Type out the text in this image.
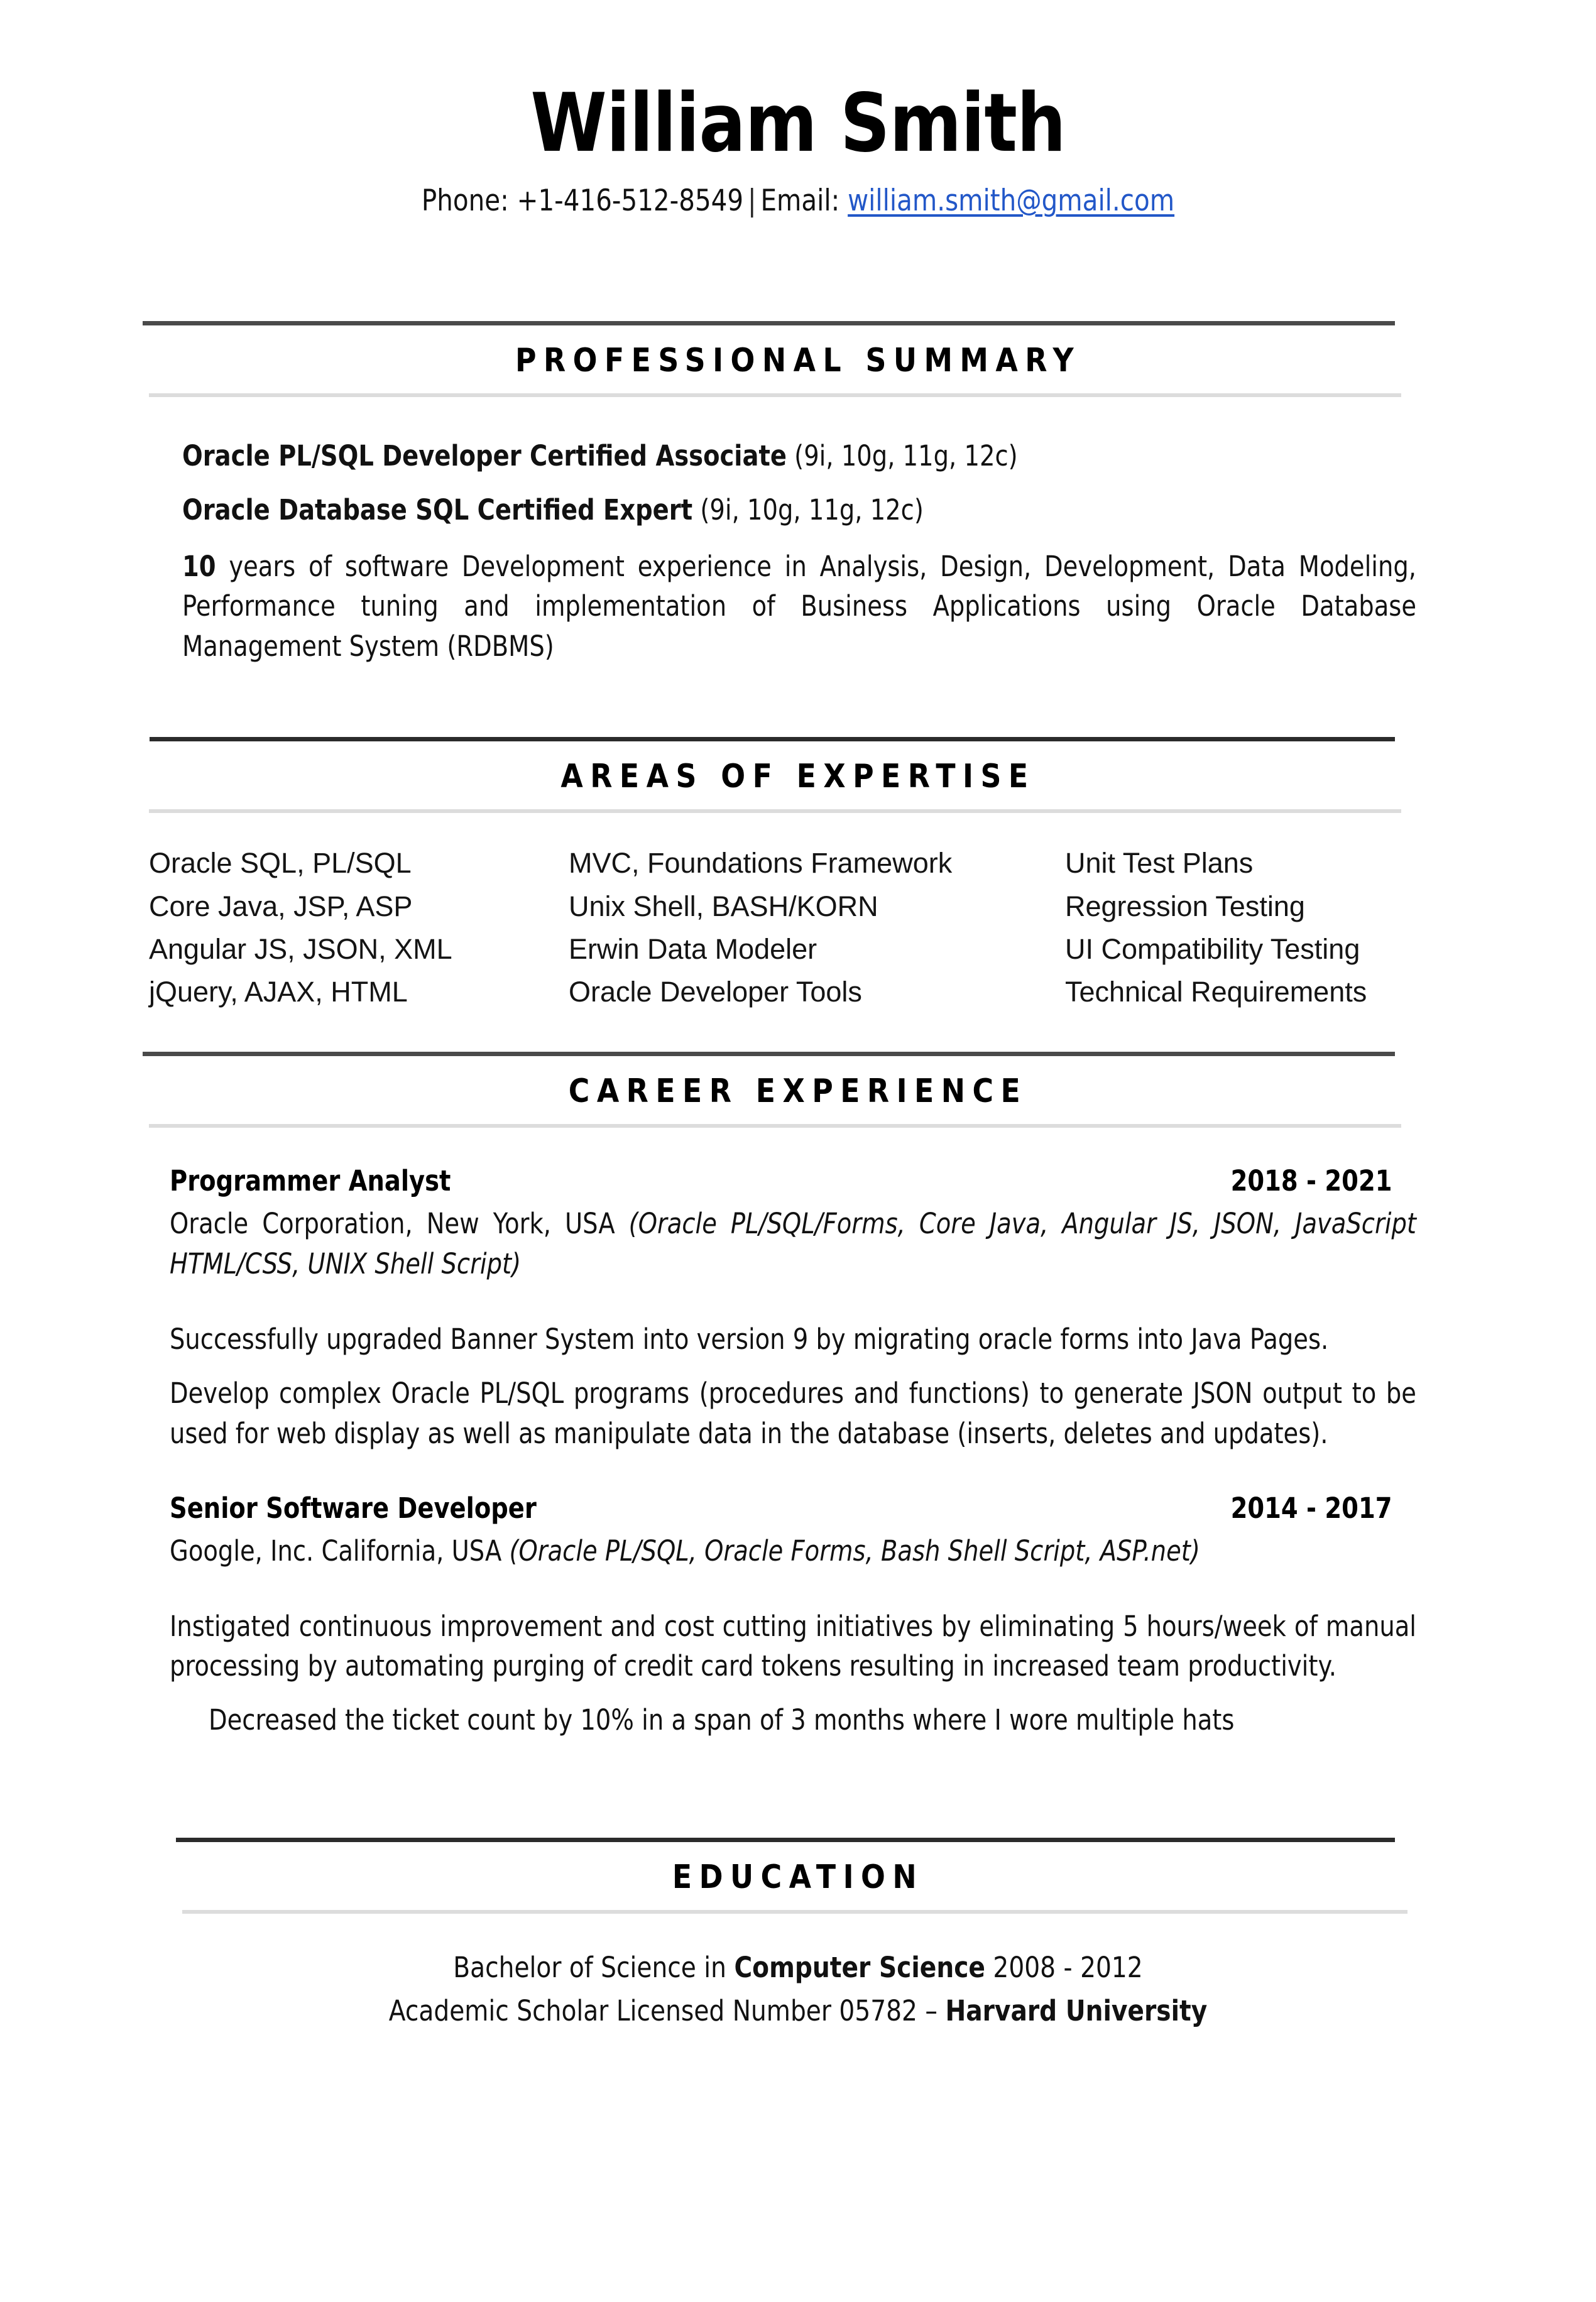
William Smith
Phone: +1-416-512-8549 | Email: william.smith@gmail.com
PROFESSIONAL SUMMARY
Oracle PL/SQL Developer Certified Associate (9i, 10g, 11g, 12c)
Oracle Database SQL Certified Expert (9i, 10g, 11g, 12c)
10 years of software Development experience in Analysis, Design, Development, Data Modeling, Performance tuning and implementation of Business Applications using Oracle Database Management System (RDBMS)
AREAS OF EXPERTISE
Oracle SQL, PL/SQL
Core Java, JSP, ASP
Angular JS, JSON, XML
jQuery, AJAX, HTML
MVC, Foundations Framework
Unix Shell, BASH/KORN
Erwin Data Modeler
Oracle Developer Tools
Unit Test Plans
Regression Testing
UI Compatibility Testing
Technical Requirements
CAREER EXPERIENCE
Programmer Analyst	2018 - 2021
Oracle Corporation, New York, USA (Oracle PL/SQL/Forms, Core Java, Angular JS, JSON, JavaScript HTML/CSS, UNIX Shell Script)
Successfully upgraded Banner System into version 9 by migrating oracle forms into Java Pages.
Develop complex Oracle PL/SQL programs (procedures and functions) to generate JSON output to be used for web display as well as manipulate data in the database (inserts, deletes and updates).
Senior Software Developer	2014 - 2017
Google, Inc. California, USA (Oracle PL/SQL, Oracle Forms, Bash Shell Script, ASP.net)
Instigated continuous improvement and cost cutting initiatives by eliminating 5 hours/week of manual processing by automating purging of credit card tokens resulting in increased team productivity.
Decreased the ticket count by 10% in a span of 3 months where I wore multiple hats
EDUCATION
Bachelor of Science in Computer Science 2008 - 2012
Academic Scholar Licensed Number 05782 – Harvard University
